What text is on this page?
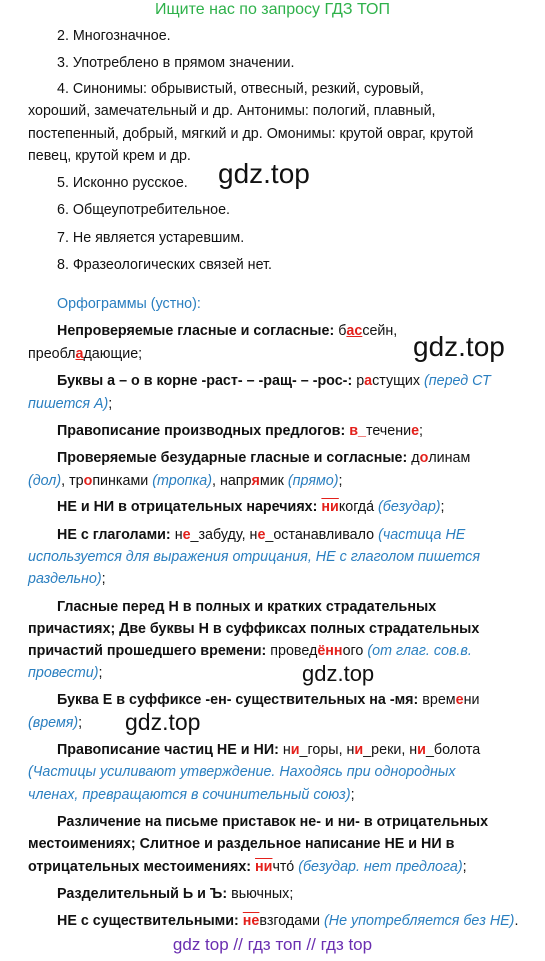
Ищите нас по запросу ГДЗ ТОП
2. Многозначное.
3. Употреблено в прямом значении.
4. Синонимы: обрывистый, отвесный, резкий, суровый,
хороший, замечательный и др. Антонимы: пологий, плавный,
постепенный, добрый, мягкий и др. Омонимы: крутой овраг, крутой
певец, крутой крем и др.
5. Исконно русское.
6. Общеупотребительное.
7. Не является устаревшим.
8. Фразеологических связей нет.
Орфограммы (устно):
Непроверяемые гласные и согласные: бассейн,
преобладающие;
Буквы а – о в корне -раст- – -ращ- – -рос-: растущих (перед СТ
пишется А);
Правописание производных предлогов: в_течение;
Проверяемые безударные гласные и согласные: долинам
(дол), тропинками (тропка), напрямик (прямо);
НЕ и НИ в отрицательных наречиях: никогда́ (безудар);
НЕ с глаголами: не_забуду, не_останавливало (частица НЕ
используется для выражения отрицания, НЕ с глаголом пишется
раздельно);
Гласные перед Н в полных и кратких страдательных
причастиях; Две буквы Н в суффиксах полных страдательных
причастий прошедшего времени: проведённого (от глаг. сов.в.
провести);
Буква Е в суффиксе -ен- существительных на -мя: времени
(время);
Правописание частиц НЕ и НИ: ни_горы, ни_реки, ни_болота
(Частицы усиливают утверждение. Находясь при однородных
членах, превращаются в сочинительный союз);
Различение на письме приставок не- и ни- в отрицательных
местоимениях; Слитное и раздельное написание НЕ и НИ в
отрицательных местоимениях: ничто́ (безудар. нет предлога);
Разделительный Ь и Ъ: вьючных;
НЕ с существительными: невзгодами (Не употребляется без НЕ).
gdz.top
gdz.top
gdz.top
gdz.top
gdz top // гдз топ // гдз top
